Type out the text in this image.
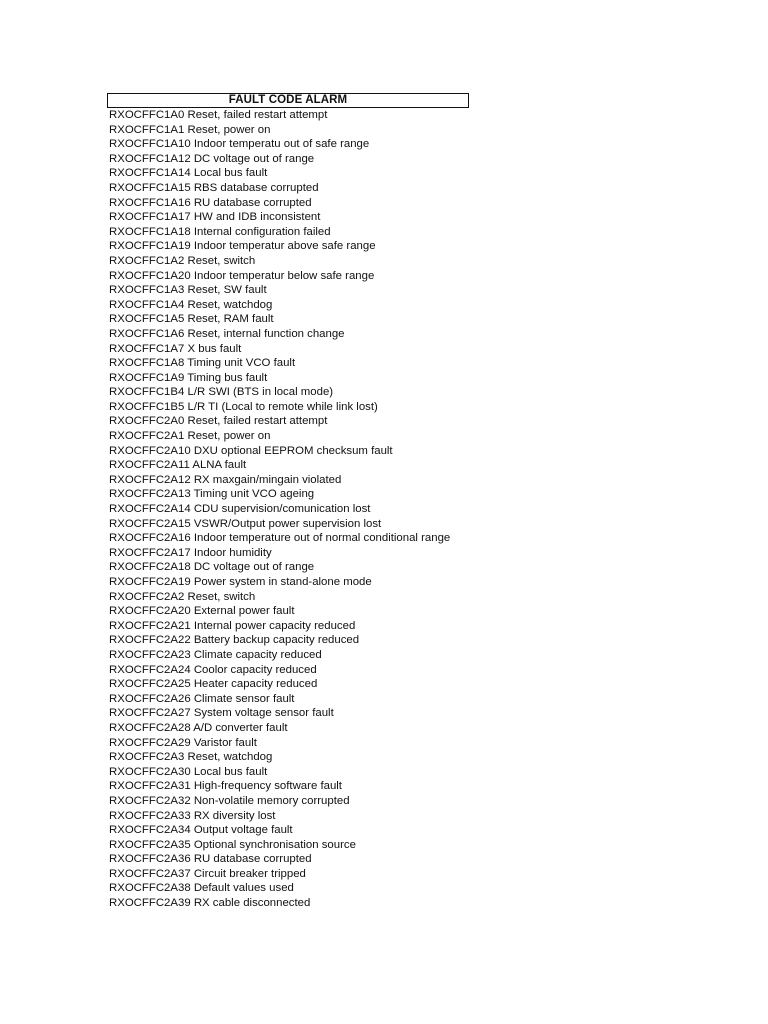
FAULT CODE ALARM
RXOCFFC1A0 Reset, failed restart attempt
RXOCFFC1A1 Reset, power on
RXOCFFC1A10 Indoor temperatu out of safe range
RXOCFFC1A12 DC voltage out of range
RXOCFFC1A14 Local bus fault
RXOCFFC1A15 RBS database corrupted
RXOCFFC1A16 RU database corrupted
RXOCFFC1A17 HW and IDB inconsistent
RXOCFFC1A18 Internal configuration failed
RXOCFFC1A19 Indoor temperatur above safe range
RXOCFFC1A2 Reset, switch
RXOCFFC1A20 Indoor temperatur below safe range
RXOCFFC1A3 Reset, SW fault
RXOCFFC1A4 Reset, watchdog
RXOCFFC1A5 Reset, RAM fault
RXOCFFC1A6 Reset, internal function change
RXOCFFC1A7 X bus fault
RXOCFFC1A8 Timing unit VCO fault
RXOCFFC1A9 Timing bus fault
RXOCFFC1B4 L/R SWI (BTS in local mode)
RXOCFFC1B5 L/R TI (Local to remote while link lost)
RXOCFFC2A0 Reset, failed restart attempt
RXOCFFC2A1 Reset, power on
RXOCFFC2A10 DXU optional EEPROM checksum fault
RXOCFFC2A11 ALNA fault
RXOCFFC2A12 RX maxgain/mingain violated
RXOCFFC2A13 Timing unit VCO ageing
RXOCFFC2A14 CDU supervision/comunication lost
RXOCFFC2A15 VSWR/Output power supervision lost
RXOCFFC2A16 Indoor temperature out of normal conditional range
RXOCFFC2A17 Indoor humidity
RXOCFFC2A18 DC voltage out of range
RXOCFFC2A19 Power system in stand-alone mode
RXOCFFC2A2 Reset, switch
RXOCFFC2A20 External power fault
RXOCFFC2A21 Internal power capacity reduced
RXOCFFC2A22 Battery backup capacity reduced
RXOCFFC2A23 Climate capacity reduced
RXOCFFC2A24 Coolor capacity reduced
RXOCFFC2A25 Heater capacity reduced
RXOCFFC2A26 Climate sensor fault
RXOCFFC2A27 System voltage sensor fault
RXOCFFC2A28 A/D converter fault
RXOCFFC2A29 Varistor fault
RXOCFFC2A3 Reset, watchdog
RXOCFFC2A30 Local bus fault
RXOCFFC2A31 High-frequency software fault
RXOCFFC2A32 Non-volatile memory corrupted
RXOCFFC2A33 RX diversity lost
RXOCFFC2A34 Output voltage fault
RXOCFFC2A35 Optional synchronisation source
RXOCFFC2A36 RU database corrupted
RXOCFFC2A37 Circuit breaker tripped
RXOCFFC2A38 Default values used
RXOCFFC2A39 RX cable disconnected
